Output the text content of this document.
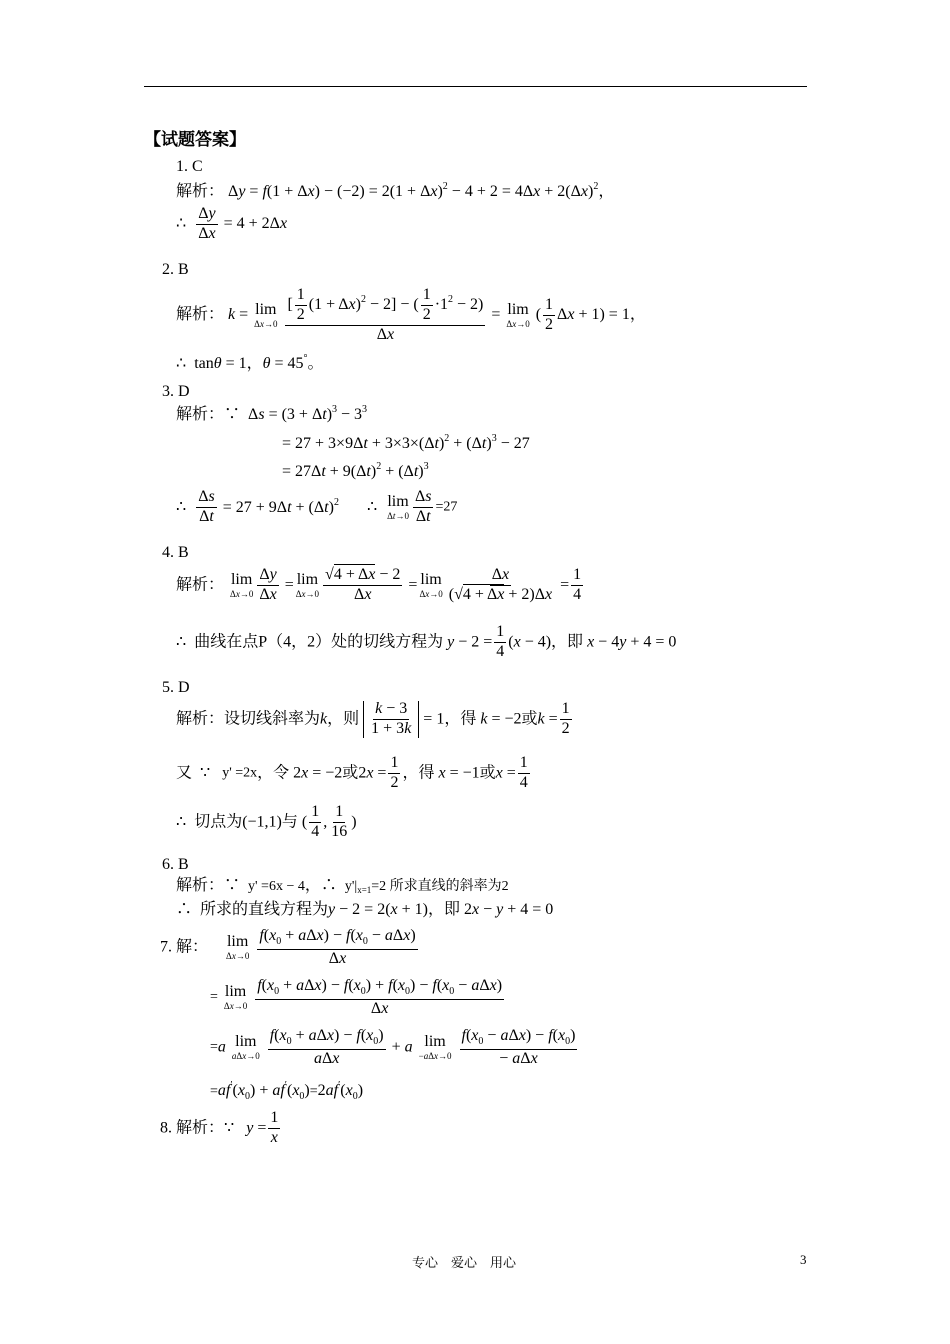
【试题答案】
1. C
解析： $\Delta y = f(1 + \Delta x) - (-2) = 2(1 + \Delta x)^2 - 4 + 2 = 4\Delta x + 2(\Delta x)^2$，
∴ $\frac{\Delta y}{\Delta x} = 4 + 2\Delta x$
2. B
解析： k = lim
Δx→0
$\frac{[ \frac{1}{2} (1 + \Delta x)^2 - 2] - ( \frac{1}{2} \cdot 1^2 - 2)}{\Delta x} = \lim$
Δx→0
( $\frac{1}{2}$ Δx + 1) = 1，
∴  tanθ = 1，θ = 45°。
3. D
解析：∵  $\Delta s = (3 + \Delta t)^3 - 3^3$
= $27 + 3\times 9\Delta t + 3\times 3\times(\Delta t)^2 + (\Delta t)^3 - 27$
= $27\Delta t + 9(\Delta t)^2 + (\Delta t)^3$
∴ $\frac{\Delta s}{\Delta t} = 27 + 9\Delta t + (\Delta t)^2$ ∴ lim
$\Delta t\to 0 \frac{\Delta s}{\Delta t} =27$
4. B
解析： lim
$\Delta x\to 0 \frac{\Delta y}{\Delta x} = \lim$
$\Delta x\to 0 \frac{√4 + \Delta x - 2}{\Delta x} = \lim$
$\Delta x\to 0 \frac{\Delta x}{(√4 + \Delta x + 2)\Delta x} = \frac{1}{4}$
∴  曲线在点P（4，2）处的切线方程为 $y - 2 = \frac{1}{4} (x - 4)$，即 x − 4y + 4 = 0
5. D
解析：设切线斜率为k，则 $\frac{k - 3}{1 + 3k} = 1$，得 k = −2或$k = \frac{1}{2}$
又  ∵   y' =2x，令 2x = −2或$2x = \frac{1}{2}$ ，得 x = −1或$x = \frac{1}{4}$
∴  切点为(−1,1)与 ( $\frac{1}{4}$ , $\frac{1}{16}$ )
6. B
解析：∵  y' =6x − 4，∴ y'|x=1=2 所求直线的斜率为2
∴  所求的直线方程为y − 2 = 2(x + 1)，即 2x − y + 4 = 0
7. 解： lim
Δx→0
$\frac{f(x_0 + a\Delta x) - f(x_0 - a\Delta x)}{\Delta x}$
= lim
Δx→0
$\frac{f(x_0 + a\Delta x) - f(x_0) + f(x_0) - f(x_0 - a\Delta x)}{\Delta x}$
=a lim
aΔx→0
$\frac{f(x_0 + a\Delta x) - f(x_0)}{\text{aΔx}} + a$ lim
−aΔx→0
$\frac{f(x_0 - a\Delta x) - f(x_0)}{\text{− aΔx}}$
$=af'(x_0) + af'(x_0)=2af'(x_0)$
8. 解析：∵ $y = \frac{1}{x}$
专心　爱心　用心	3
